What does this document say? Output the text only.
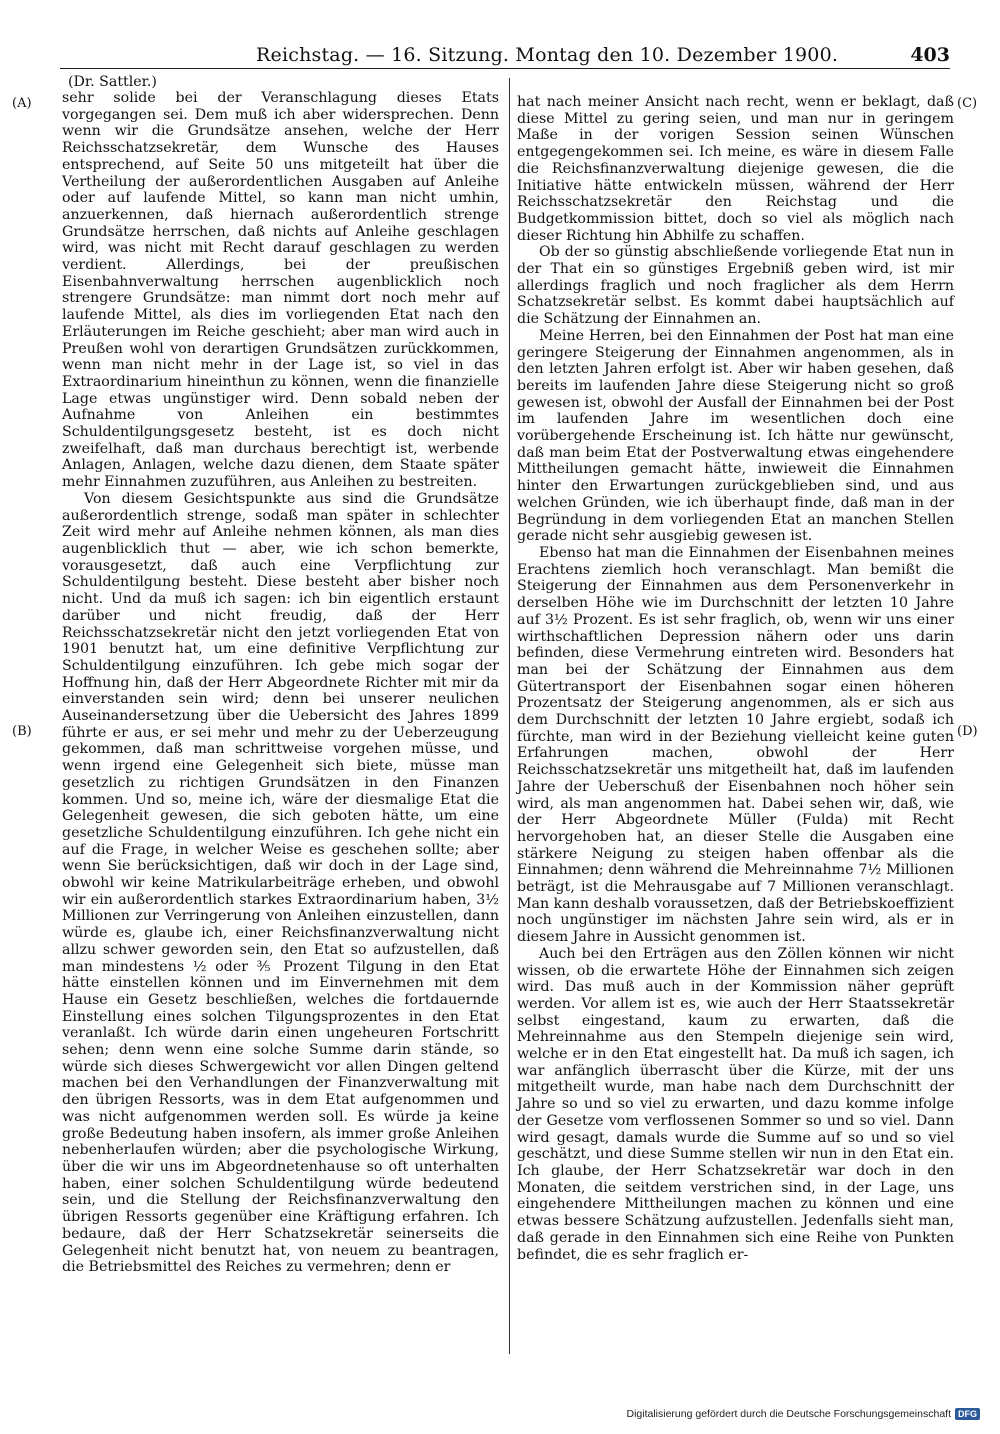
Reichstag. — 16. Sitzung. Montag den 10. Dezember 1900.	403
(A)
(B)
(C)
(D)
(Dr. Sattler.)

sehr solide bei der Veranschlagung dieses Etats vorgegangen sei. Dem muß ich aber widersprechen. Denn wenn wir die Grundsätze ansehen, welche der Herr Reichsschatzsekretär, dem Wunsche des Hauses entsprechend, auf Seite 50 uns mitgeteilt hat über die Vertheilung der außerordentlichen Ausgaben auf Anleihe oder auf laufende Mittel, so kann man nicht umhin, anzuerkennen, daß hiernach außerordentlich strenge Grundsätze herrschen, daß nichts auf Anleihe geschlagen wird, was nicht mit Recht darauf geschlagen zu werden verdient. Allerdings, bei der preußischen Eisenbahnverwaltung herrschen augenblicklich noch strengere Grundsätze: man nimmt dort noch mehr auf laufende Mittel, als dies im vorliegenden Etat nach den Erläuterungen im Reiche geschieht; aber man wird auch in Preußen wohl von derartigen Grundsätzen zurückkommen, wenn man nicht mehr in der Lage ist, so viel in das Extraordinarium hineinthun zu können, wenn die finanzielle Lage etwas ungünstiger wird. Denn sobald neben der Aufnahme von Anleihen ein bestimmtes Schuldentilgungsgesetz besteht, ist es doch nicht zweifelhaft, daß man durchaus berechtigt ist, werbende Anlagen, Anlagen, welche dazu dienen, dem Staate später mehr Einnahmen zuzuführen, aus Anleihen zu bestreiten.

Von diesem Gesichtspunkte aus sind die Grundsätze außerordentlich strenge, sodaß man später in schlechter Zeit wird mehr auf Anleihe nehmen können, als man dies augenblicklich thut — aber, wie ich schon bemerkte, vorausgesetzt, daß auch eine Verpflichtung zur Schuldentilgung besteht. Diese besteht aber bisher noch nicht. Und da muß ich sagen: ich bin eigentlich erstaunt darüber und nicht freudig, daß der Herr Reichsschatzsekretär nicht den jetzt vorliegenden Etat von 1901 benutzt hat, um eine definitive Verpflichtung zur Schuldentilgung einzuführen. Ich gebe mich sogar der Hoffnung hin, daß der Herr Abgeordnete Richter mit mir da einverstanden sein wird; denn bei unserer neulichen Auseinandersetzung über die Uebersicht des Jahres 1899 führte er aus, er sei mehr und mehr zu der Ueberzeugung gekommen, daß man schrittweise vorgehen müsse, und wenn irgend eine Gelegenheit sich biete, müsse man gesetzlich zu richtigen Grundsätzen in den Finanzen kommen. Und so, meine ich, wäre der diesmalige Etat die Gelegenheit gewesen, die sich geboten hätte, um eine gesetzliche Schuldentilgung einzuführen. Ich gehe nicht ein auf die Frage, in welcher Weise es geschehen sollte; aber wenn Sie berücksichtigen, daß wir doch in der Lage sind, obwohl wir keine Matrikularbeiträge erheben, und obwohl wir ein außerordentlich starkes Extraordinarium haben, 3½ Millionen zur Verringerung von Anleihen einzustellen, dann würde es, glaube ich, einer Reichsfinanzverwaltung nicht allzu schwer geworden sein, den Etat so aufzustellen, daß man mindestens ½ oder ⅗ Prozent Tilgung in den Etat hätte einstellen können und im Einvernehmen mit dem Hause ein Gesetz beschließen, welches die fortdauernde Einstellung eines solchen Tilgungsprozentes in den Etat veranlaßt. Ich würde darin einen ungeheuren Fortschritt sehen; denn wenn eine solche Summe darin stände, so würde sich dieses Schwergewicht vor allen Dingen geltend machen bei den Verhandlungen der Finanzverwaltung mit den übrigen Ressorts, was in dem Etat aufgenommen und was nicht aufgenommen werden soll. Es würde ja keine große Bedeutung haben insofern, als immer große Anleihen nebenherlaufen würden; aber die psychologische Wirkung, über die wir uns im Abgeordnetenhause so oft unterhalten haben, einer solchen Schuldentilgung würde bedeutend sein, und die Stellung der Reichsfinanzverwaltung den übrigen Ressorts gegenüber eine Kräftigung erfahren. Ich bedaure, daß der Herr Schatzsekretär seinerseits die Gelegenheit nicht benutzt hat, von neuem zu beantragen, die Betriebsmittel des Reiches zu vermehren; denn er

hat nach meiner Ansicht nach recht, wenn er beklagt, daß diese Mittel zu gering seien, und man nur in geringem Maße in der vorigen Session seinen Wünschen entgegengekommen sei. Ich meine, es wäre in diesem Falle die Reichsfinanzverwaltung diejenige gewesen, die die Initiative hätte entwickeln müssen, während der Herr Reichsschatzsekretär den Reichstag und die Budgetkommission bittet, doch so viel als möglich nach dieser Richtung hin Abhilfe zu schaffen.

Ob der so günstig abschließende vorliegende Etat nun in der That ein so günstiges Ergebniß geben wird, ist mir allerdings fraglich und noch fraglicher als dem Herrn Schatzsekretär selbst. Es kommt dabei hauptsächlich auf die Schätzung der Einnahmen an.

Meine Herren, bei den Einnahmen der Post hat man eine geringere Steigerung der Einnahmen angenommen, als in den letzten Jahren erfolgt ist. Aber wir haben gesehen, daß bereits im laufenden Jahre diese Steigerung nicht so groß gewesen ist, obwohl der Ausfall der Einnahmen bei der Post im laufenden Jahre im wesentlichen doch eine vorübergehende Erscheinung ist. Ich hätte nur gewünscht, daß man beim Etat der Postverwaltung etwas eingehendere Mittheilungen gemacht hätte, inwieweit die Einnahmen hinter den Erwartungen zurückgeblieben sind, und aus welchen Gründen, wie ich überhaupt finde, daß man in der Begründung in dem vorliegenden Etat an manchen Stellen gerade nicht sehr ausgiebig gewesen ist.

Ebenso hat man die Einnahmen der Eisenbahnen meines Erachtens ziemlich hoch veranschlagt. Man bemißt die Steigerung der Einnahmen aus dem Personenverkehr in derselben Höhe wie im Durchschnitt der letzten 10 Jahre auf 3½ Prozent. Es ist sehr fraglich, ob, wenn wir uns einer wirthschaftlichen Depression nähern oder uns darin befinden, diese Vermehrung eintreten wird. Besonders hat man bei der Schätzung der Einnahmen aus dem Gütertransport der Eisenbahnen sogar einen höheren Prozentsatz der Steigerung angenommen, als er sich aus dem Durchschnitt der letzten 10 Jahre ergiebt, sodaß ich fürchte, man wird in der Beziehung vielleicht keine guten Erfahrungen machen, obwohl der Herr Reichsschatzsekretär uns mitgetheilt hat, daß im laufenden Jahre der Ueberschuß der Eisenbahnen noch höher sein wird, als man angenommen hat. Dabei sehen wir, daß, wie der Herr Abgeordnete Müller (Fulda) mit Recht hervorgehoben hat, an dieser Stelle die Ausgaben eine stärkere Neigung zu steigen haben offenbar als die Einnahmen; denn während die Mehreinnahme 7½ Millionen beträgt, ist die Mehrausgabe auf 7 Millionen veranschlagt. Man kann deshalb voraussetzen, daß der Betriebskoeffizient noch ungünstiger im nächsten Jahre sein wird, als er in diesem Jahre in Aussicht genommen ist.

Auch bei den Erträgen aus den Zöllen können wir nicht wissen, ob die erwartete Höhe der Einnahmen sich zeigen wird. Das muß auch in der Kommission näher geprüft werden. Vor allem ist es, wie auch der Herr Staatssekretär selbst eingestand, kaum zu erwarten, daß die Mehreinnahme aus den Stempeln diejenige sein wird, welche er in den Etat eingestellt hat. Da muß ich sagen, ich war anfänglich überrascht über die Kürze, mit der uns mitgetheilt wurde, man habe nach dem Durchschnitt der Jahre so und so viel zu erwarten, und dazu komme infolge der Gesetze vom verflossenen Sommer so und so viel. Dann wird gesagt, damals wurde die Summe auf so und so viel geschätzt, und diese Summe stellen wir nun in den Etat ein. Ich glaube, der Herr Schatzsekretär war doch in den Monaten, die seitdem verstrichen sind, in der Lage, uns eingehendere Mittheilungen machen zu können und eine etwas bessere Schätzung aufzustellen. Jedenfalls sieht man, daß gerade in den Einnahmen sich eine Reihe von Punkten befindet, die es sehr fraglich er-

Digitalisierung gefördert durch die Deutsche Forschungsgemeinschaft DFG
